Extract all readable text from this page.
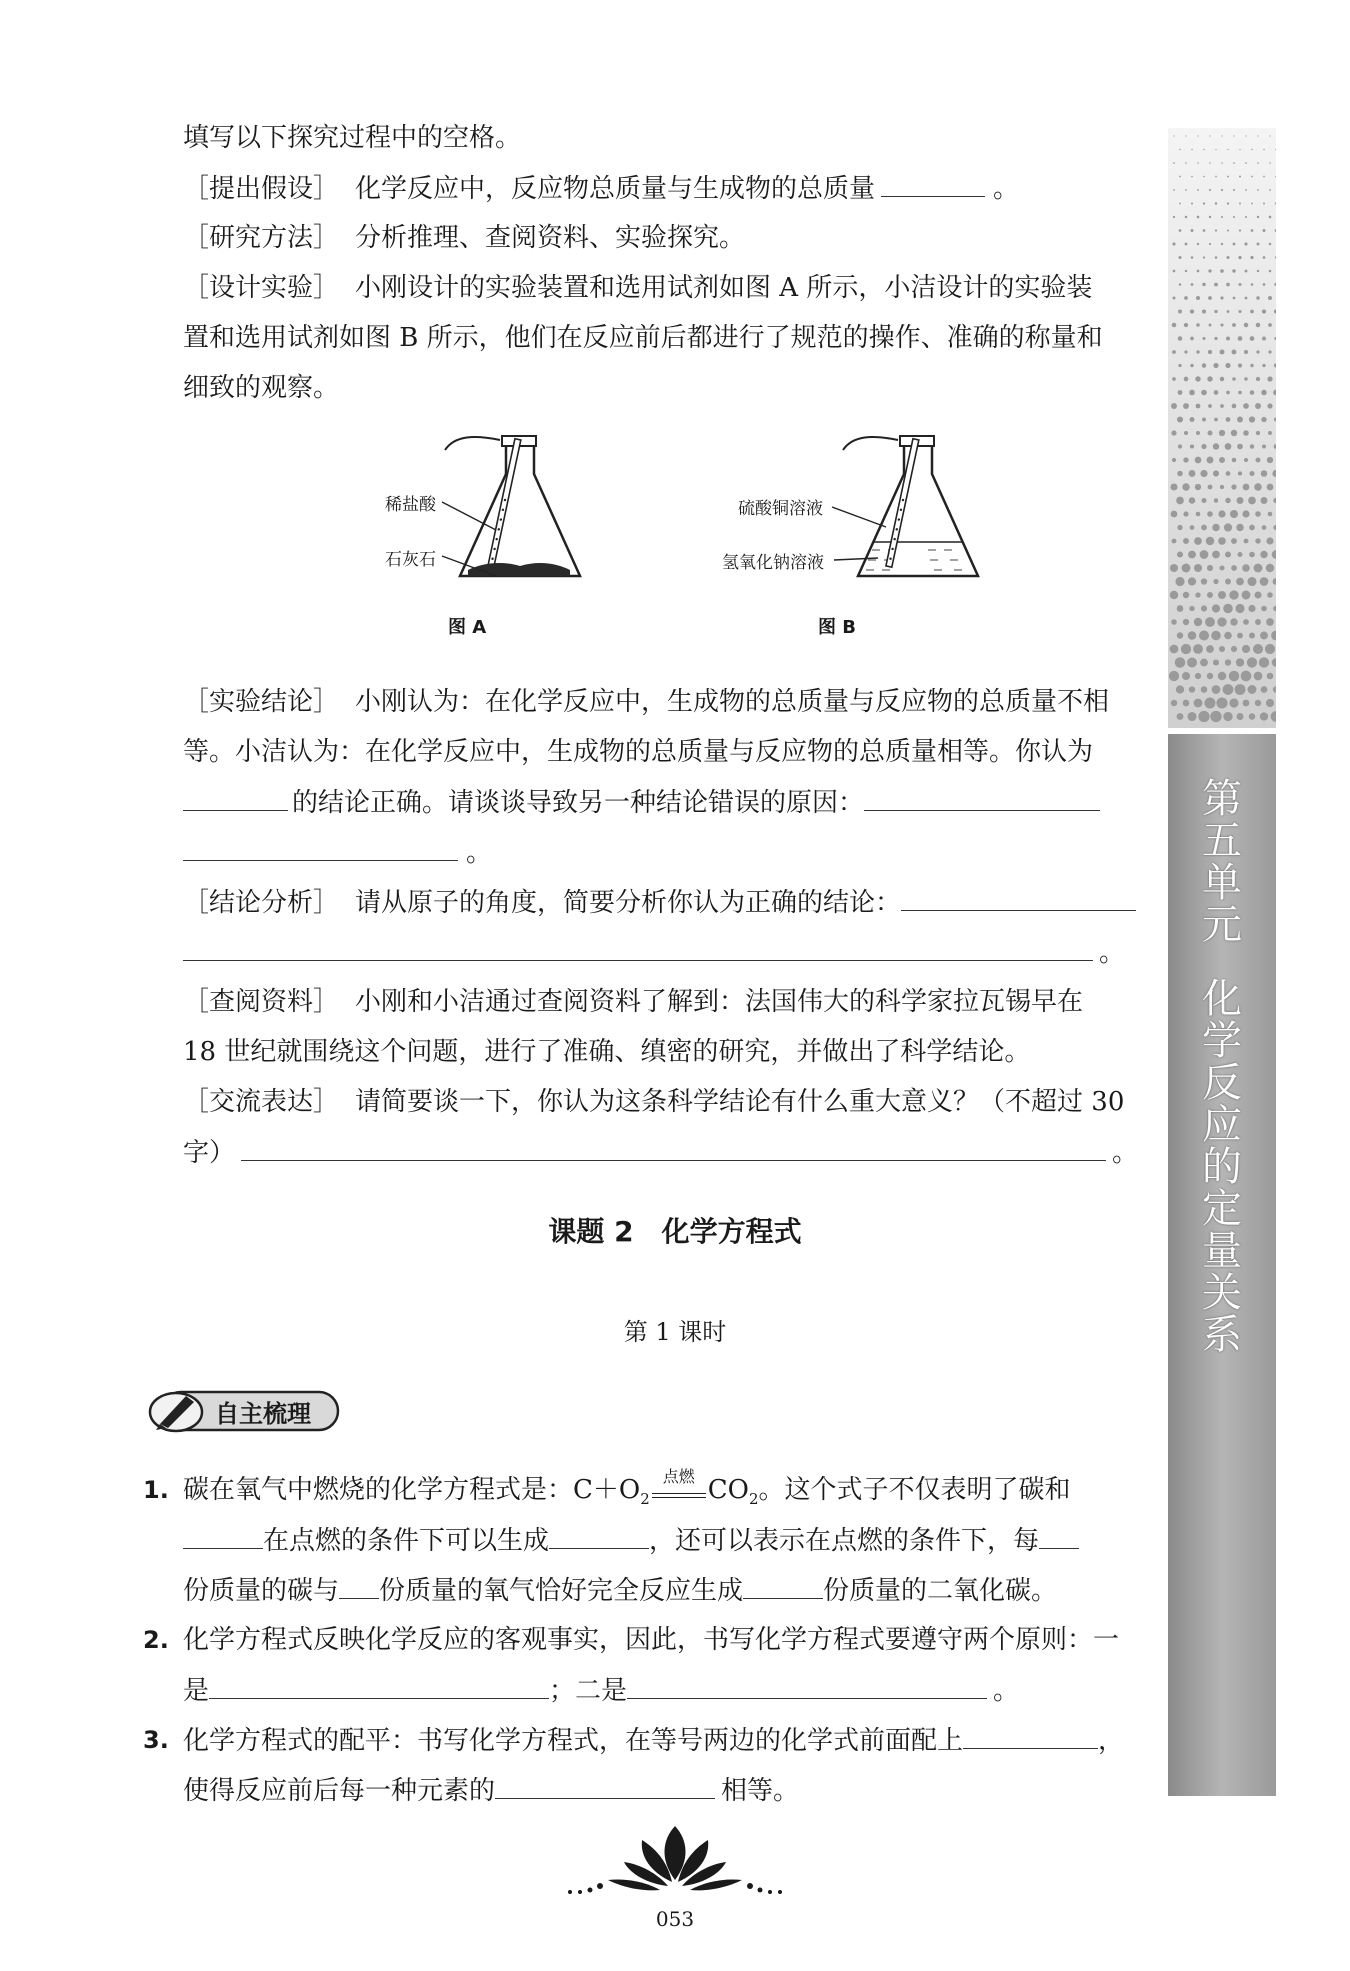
第
五
单
元
化
学
反
应
的
定
量
关
系
填写以下探究过程中的空格。
［提出假设］ 化学反应中，反应物总质量与生成物的总质量	。
［研究方法］ 分析推理、查阅资料、实验探究。
［设计实验］ 小刚设计的实验装置和选用试剂如图 A 所示，小洁设计的实验装
置和选用试剂如图 B 所示，他们在反应前后都进行了规范的操作、准确的称量和
细致的观察。
稀盐酸
石灰石
图 A
硫酸铜溶液
氢氧化钠溶液
图 B
［实验结论］ 小刚认为：在化学反应中，生成物的总质量与反应物的总质量不相
等。小洁认为：在化学反应中，生成物的总质量与反应物的总质量相等。你认为
的结论正确。请谈谈导致另一种结论错误的原因：
。
［结论分析］ 请从原子的角度，简要分析你认为正确的结论：
。
［查阅资料］ 小刚和小洁通过查阅资料了解到：法国伟大的科学家拉瓦锡早在
18 世纪就围绕这个问题，进行了准确、缜密的研究，并做出了科学结论。
［交流表达］ 请简要谈一下，你认为这条科学结论有什么重大意义？（不超过 30
字）	。
课题 2　化学方程式
第 1 课时
自主梳理
1. 碳在氧气中燃烧的化学方程式是：$C+O_2$
点燃 $CO_2$。这个式子不仅表明了碳和
在点燃的条件下可以生成	，还可以表示在点燃的条件下，每
份质量的碳与 份质量的氧气恰好完全反应生成	份质量的二氧化碳。
2. 化学方程式反映化学反应的客观事实，因此，书写化学方程式要遵守两个原则：一
是	；二是	。
3. 化学方程式的配平：书写化学方程式，在等号两边的化学式前面配上	，
使得反应前后每一种元素的	相等。
053
